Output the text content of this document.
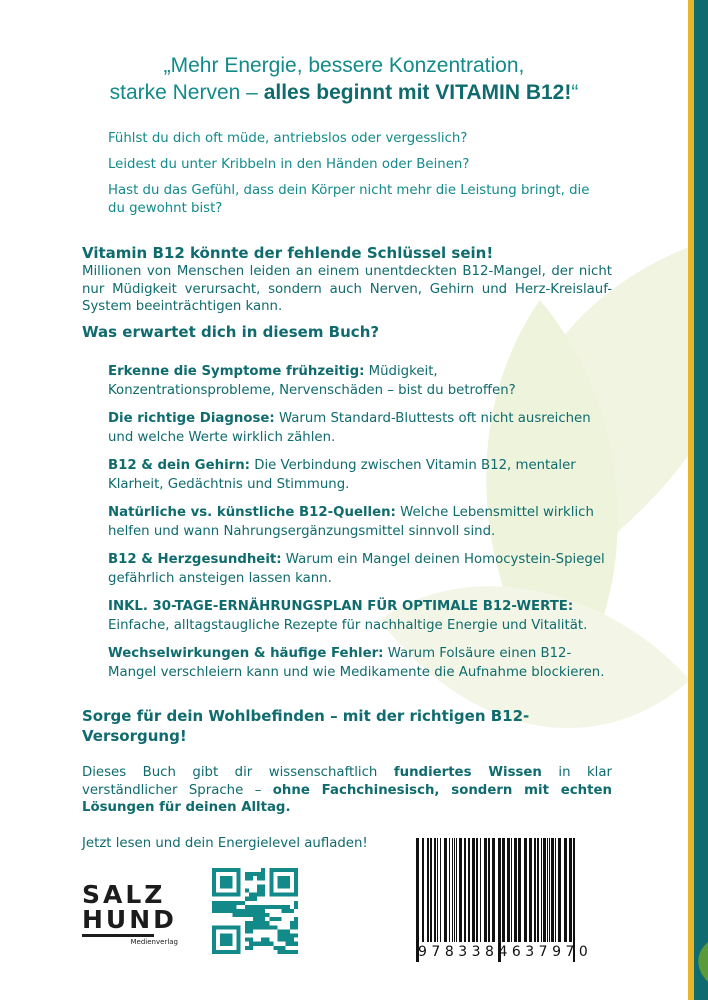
„Mehr Energie, bessere Konzentration,
starke Nerven – alles beginnt mit VITAMIN B12!“

Fühlst du dich oft müde, antriebslos oder vergesslich?

Leidest du unter Kribbeln in den Händen oder Beinen?

Hast du das Gefühl, dass dein Körper nicht mehr die Leistung bringt, die du gewohnt bist?

Vitamin B12 könnte der fehlende Schlüssel sein!
Millionen von Menschen leiden an einem unentdeckten B12-Mangel, der nicht nur Müdigkeit verursacht, sondern auch Nerven, Gehirn und Herz-Kreislauf-System beeinträchtigen kann.
Was erwartet dich in diesem Buch?
Erkenne die Symptome frühzeitig: Müdigkeit, Konzentrationsprobleme, Nervenschäden – bist du betroffen?
Die richtige Diagnose: Warum Standard-Bluttests oft nicht ausreichen und welche Werte wirklich zählen.
B12 & dein Gehirn: Die Verbindung zwischen Vitamin B12, mentaler Klarheit, Gedächtnis und Stimmung.
Natürliche vs. künstliche B12-Quellen: Welche Lebensmittel wirklich helfen und wann Nahrungsergänzungsmittel sinnvoll sind.
B12 & Herzgesundheit: Warum ein Mangel deinen Homocystein-Spiegel gefährlich ansteigen lassen kann.
INKL. 30-TAGE-ERNÄHRUNGSPLAN FÜR OPTIMALE B12-WERTE: Einfache, alltagstaugliche Rezepte für nachhaltige Energie und Vitalität.
Wechselwirkungen & häufige Fehler: Warum Folsäure einen B12-Mangel verschleiern kann und wie Medikamente die Aufnahme blockieren.
Sorge für dein Wohlbefinden – mit der richtigen B12-Versorgung!
Dieses Buch gibt dir wissenschaftlich fundiertes Wissen in klar verständlicher Sprache – ohne Fachchinesisch, sondern mit echten Lösungen für deinen Alltag.
Jetzt lesen und dein Energielevel aufladen!
SALZ
HUND
Medienverlag
9783384637970
